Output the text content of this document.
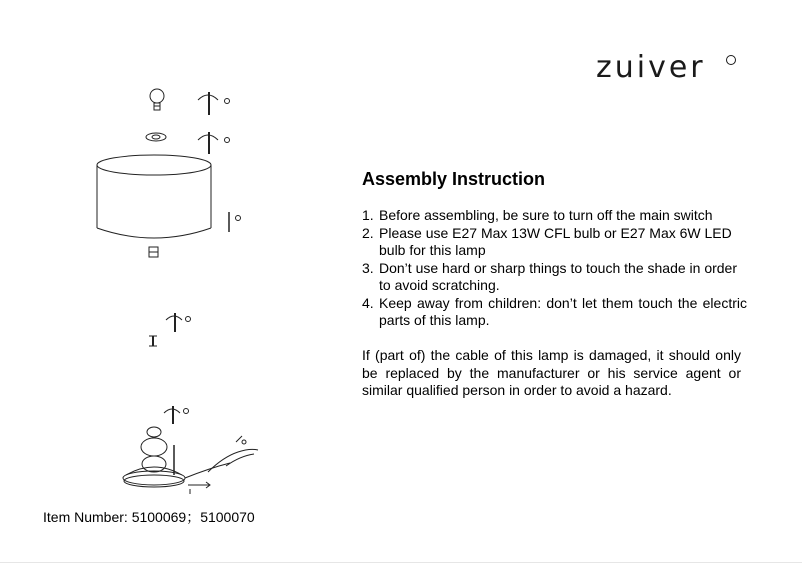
zuiver
Assembly Instruction
1. Before assembling, be sure to turn off the main switch
2. Please use E27 Max 13W CFL bulb or E27 Max 6W LED bulb for this lamp
3. Don’t use hard or sharp things to touch the shade in order to avoid scratching.
4. Keep away from children: don’t let them touch the electric parts of this lamp.

If (part of) the cable of this lamp is damaged, it should only be replaced by the manufacturer or his service agent or similar qualified person in order to avoid a hazard.

Item Number: 5100069；5100070
